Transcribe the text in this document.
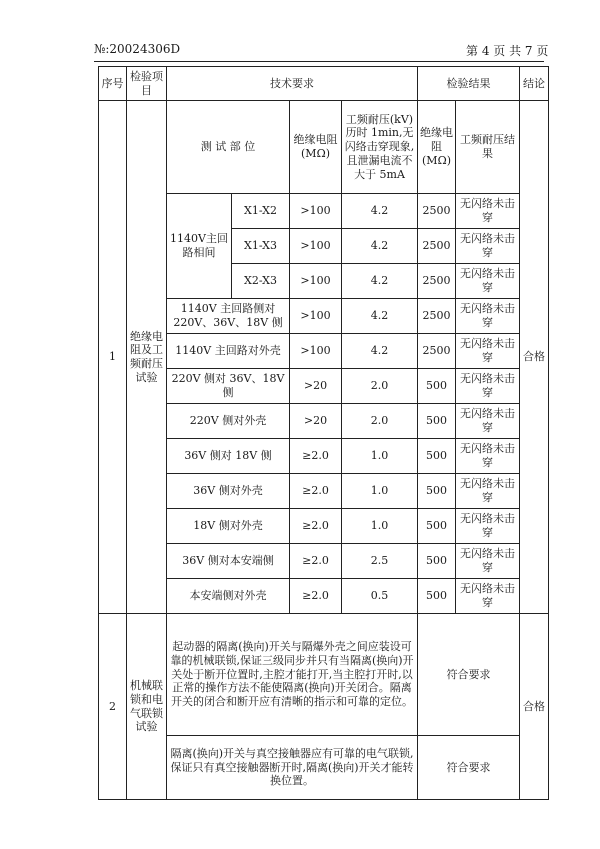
№:20024306D	第 4 页 共 7 页
序号	检验项目	技术要求				检验结果		结论
1	绝缘电阻及工频耐压试验	测 试 部 位		绝缘电阻(MΩ)	工频耐压(kV)历时 1min,无闪络击穿现象,且泄漏电流不大于 5mA	绝缘电阻(MΩ)	工频耐压结 果	合格
		1140V主回路相间	X1-X2	>100	4.2	2500	无闪络未击穿	
			X1-X3	>100	4.2	2500	无闪络未击穿	
			X2-X3	>100	4.2	2500	无闪络未击穿	
		1140V 主回路侧对220V、36V、18V 侧		>100	4.2	2500	无闪络未击穿	
		1140V 主回路对外壳		>100	4.2	2500	无闪络未击穿	
		220V 侧对 36V、18V 侧		>20	2.0	500	无闪络未击穿	
		220V 侧对外壳		>20	2.0	500	无闪络未击穿	
		36V 侧对 18V 侧		≥2.0	1.0	500	无闪络未击穿	
		36V 侧对外壳		≥2.0	1.0	500	无闪络未击穿	
		18V 侧对外壳		≥2.0	1.0	500	无闪络未击穿	
		36V 侧对本安端侧		≥2.0	2.5	500	无闪络未击穿	
		本安端侧对外壳		≥2.0	0.5	500	无闪络未击穿	
2	机械联锁和电气联锁试验	起动器的隔离(换向)开关与隔爆外壳之间应装设可靠的机械联锁,保证三级同步并只有当隔离(换向)开关处于断开位置时,主腔才能打开,当主腔打开时,以正常的操作方法不能使隔离(换向)开关闭合。隔离开关的闭合和断开应有清晰的指示和可靠的定位。				符合要求		合格
		隔离(换向)开关与真空接触器应有可靠的电气联锁,保证只有真空接触器断开时,隔离(换向)开关才能转换位置。				符合要求		
